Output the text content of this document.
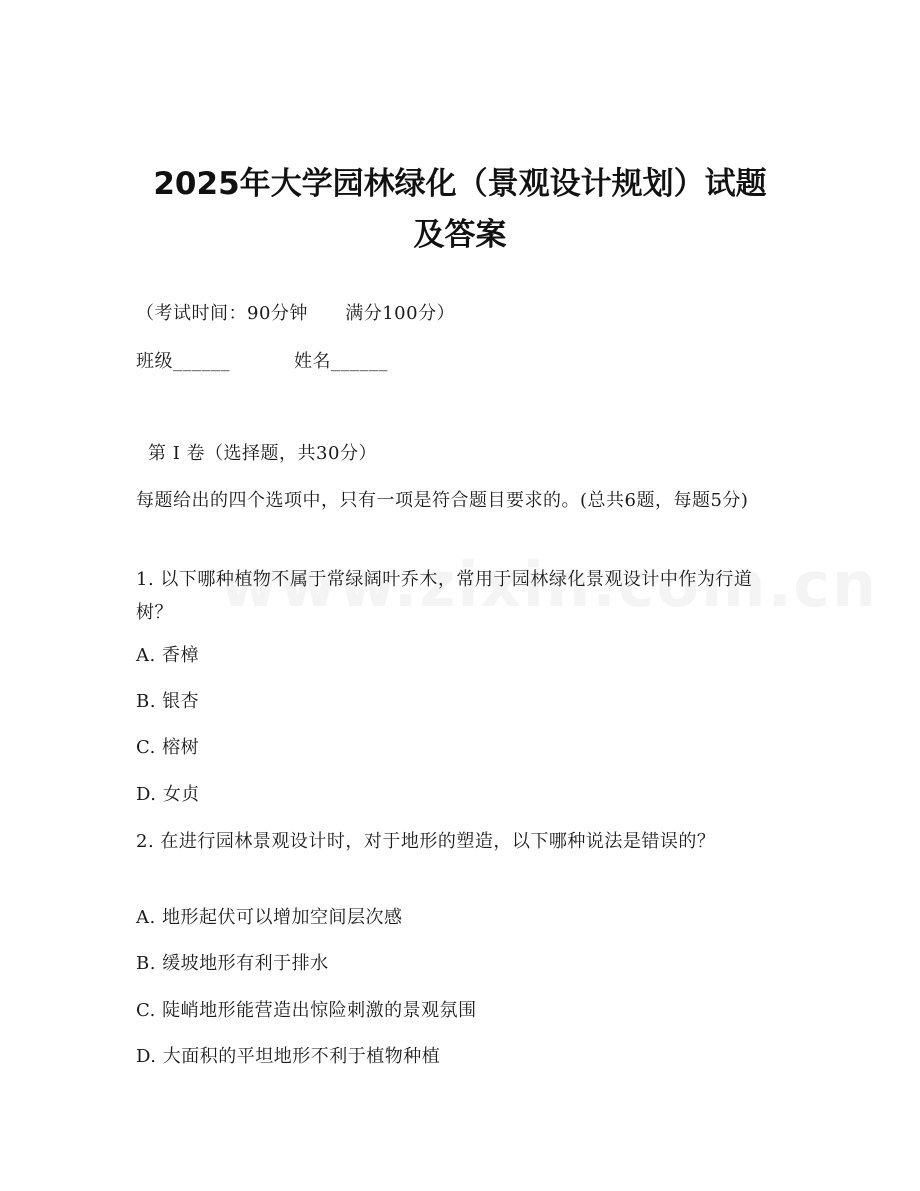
2025年大学园林绿化（景观设计规划）试题
及答案
（考试时间：90分钟      满分100分）
班级______	姓名______
第 I 卷（选择题，共30分）
每题给出的四个选项中，只有一项是符合题目要求的。(总共6题，每题5分)
1. 以下哪种植物不属于常绿阔叶乔木，常用于园林绿化景观设计中作为行道树？
A. 香樟
B. 银杏
C. 榕树
D. 女贞
2. 在进行园林景观设计时，对于地形的塑造，以下哪种说法是错误的？
A. 地形起伏可以增加空间层次感
B. 缓坡地形有利于排水
C. 陡峭地形能营造出惊险刺激的景观氛围
D. 大面积的平坦地形不利于植物种植
